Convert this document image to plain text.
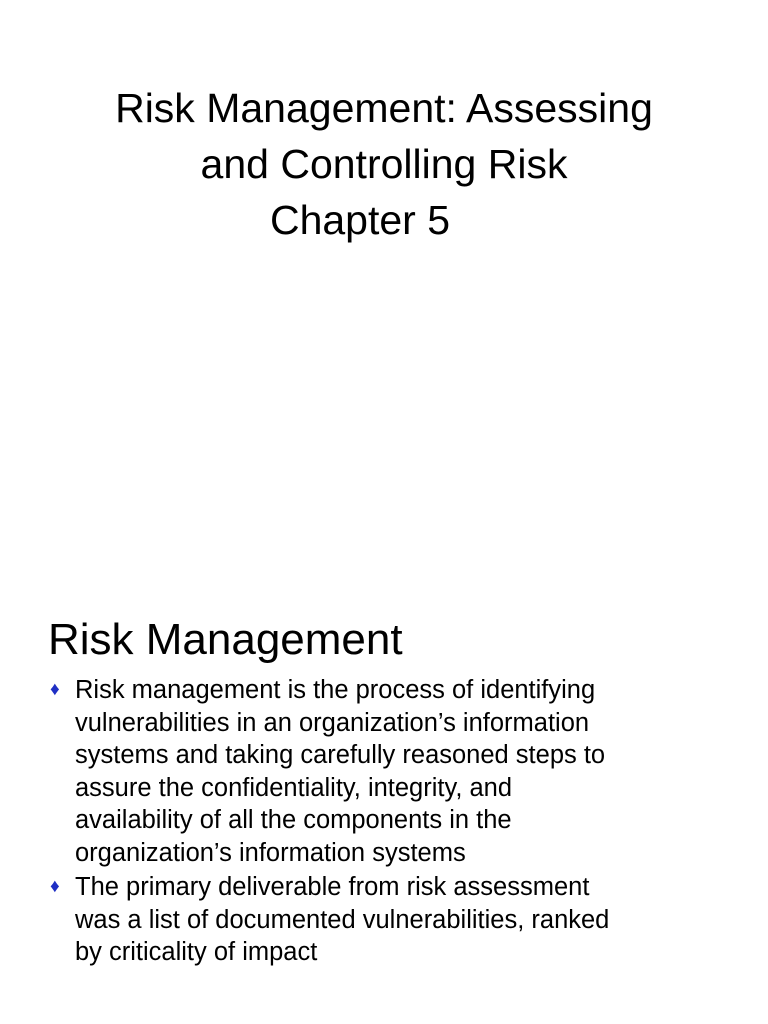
Risk Management: Assessing
and Controlling Risk
Chapter 5
Risk Management
♦ Risk management is the process of identifying
vulnerabilities in an organization’s information
systems and taking carefully reasoned steps to
assure the confidentiality, integrity, and
availability of all the components in the
organization’s information systems
♦ The primary deliverable from risk assessment
was a list of documented vulnerabilities, ranked
by criticality of impact
